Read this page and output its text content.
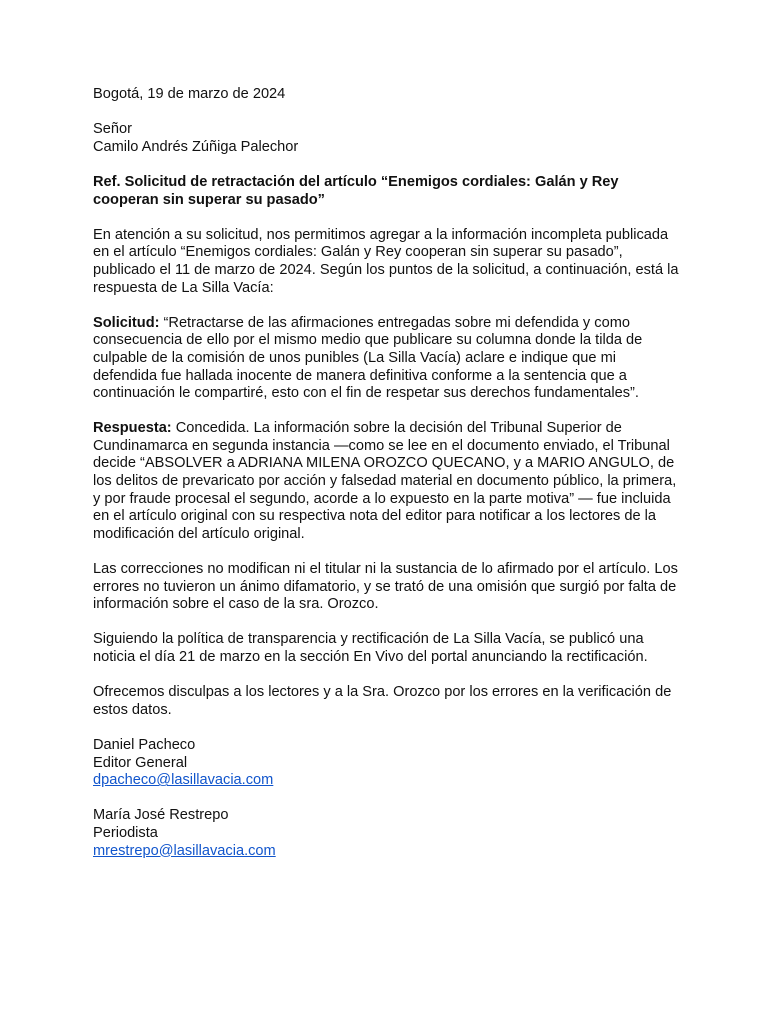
Bogotá, 19 de marzo de 2024

Señor
Camilo Andrés Zúñiga Palechor

Ref. Solicitud de retractación del artículo “Enemigos cordiales: Galán y Rey cooperan sin superar su pasado”

En atención a su solicitud, nos permitimos agregar a la información incompleta publicada en el artículo “Enemigos cordiales: Galán y Rey cooperan sin superar su pasado”, publicado el 11 de marzo de 2024. Según los puntos de la solicitud, a continuación, está la respuesta de La Silla Vacía:

Solicitud: “Retractarse de las afirmaciones entregadas sobre mi defendida y como consecuencia de ello por el mismo medio que publicare su columna donde la tilda de culpable de la comisión de unos punibles (La Silla Vacía) aclare e indique que mi defendida fue hallada inocente de manera definitiva conforme a la sentencia que a continuación le compartiré, esto con el fin de respetar sus derechos fundamentales”.

Respuesta: Concedida. La información sobre la decisión del Tribunal Superior de Cundinamarca en segunda instancia —como se lee en el documento enviado, el Tribunal decide “ABSOLVER a ADRIANA MILENA OROZCO QUECANO, y a MARIO ANGULO, de los delitos de prevaricato por acción y falsedad material en documento público, la primera, y por fraude procesal el segundo, acorde a lo expuesto en la parte motiva” — fue incluida en el artículo original con su respectiva nota del editor para notificar a los lectores de la modificación del artículo original.

Las correcciones no modifican ni el titular ni la sustancia de lo afirmado por el artículo. Los errores no tuvieron un ánimo difamatorio, y se trató de una omisión que surgió por falta de información sobre el caso de la sra. Orozco.

Siguiendo la política de transparencia y rectificación de La Silla Vacía, se publicó una noticia el día 21 de marzo en la sección En Vivo del portal anunciando la rectificación.

Ofrecemos disculpas a los lectores y a la Sra. Orozco por los errores en la verificación de estos datos.

Daniel Pacheco
Editor General
dpacheco@lasillavacia.com
María José Restrepo
Periodista
mrestrepo@lasillavacia.com
